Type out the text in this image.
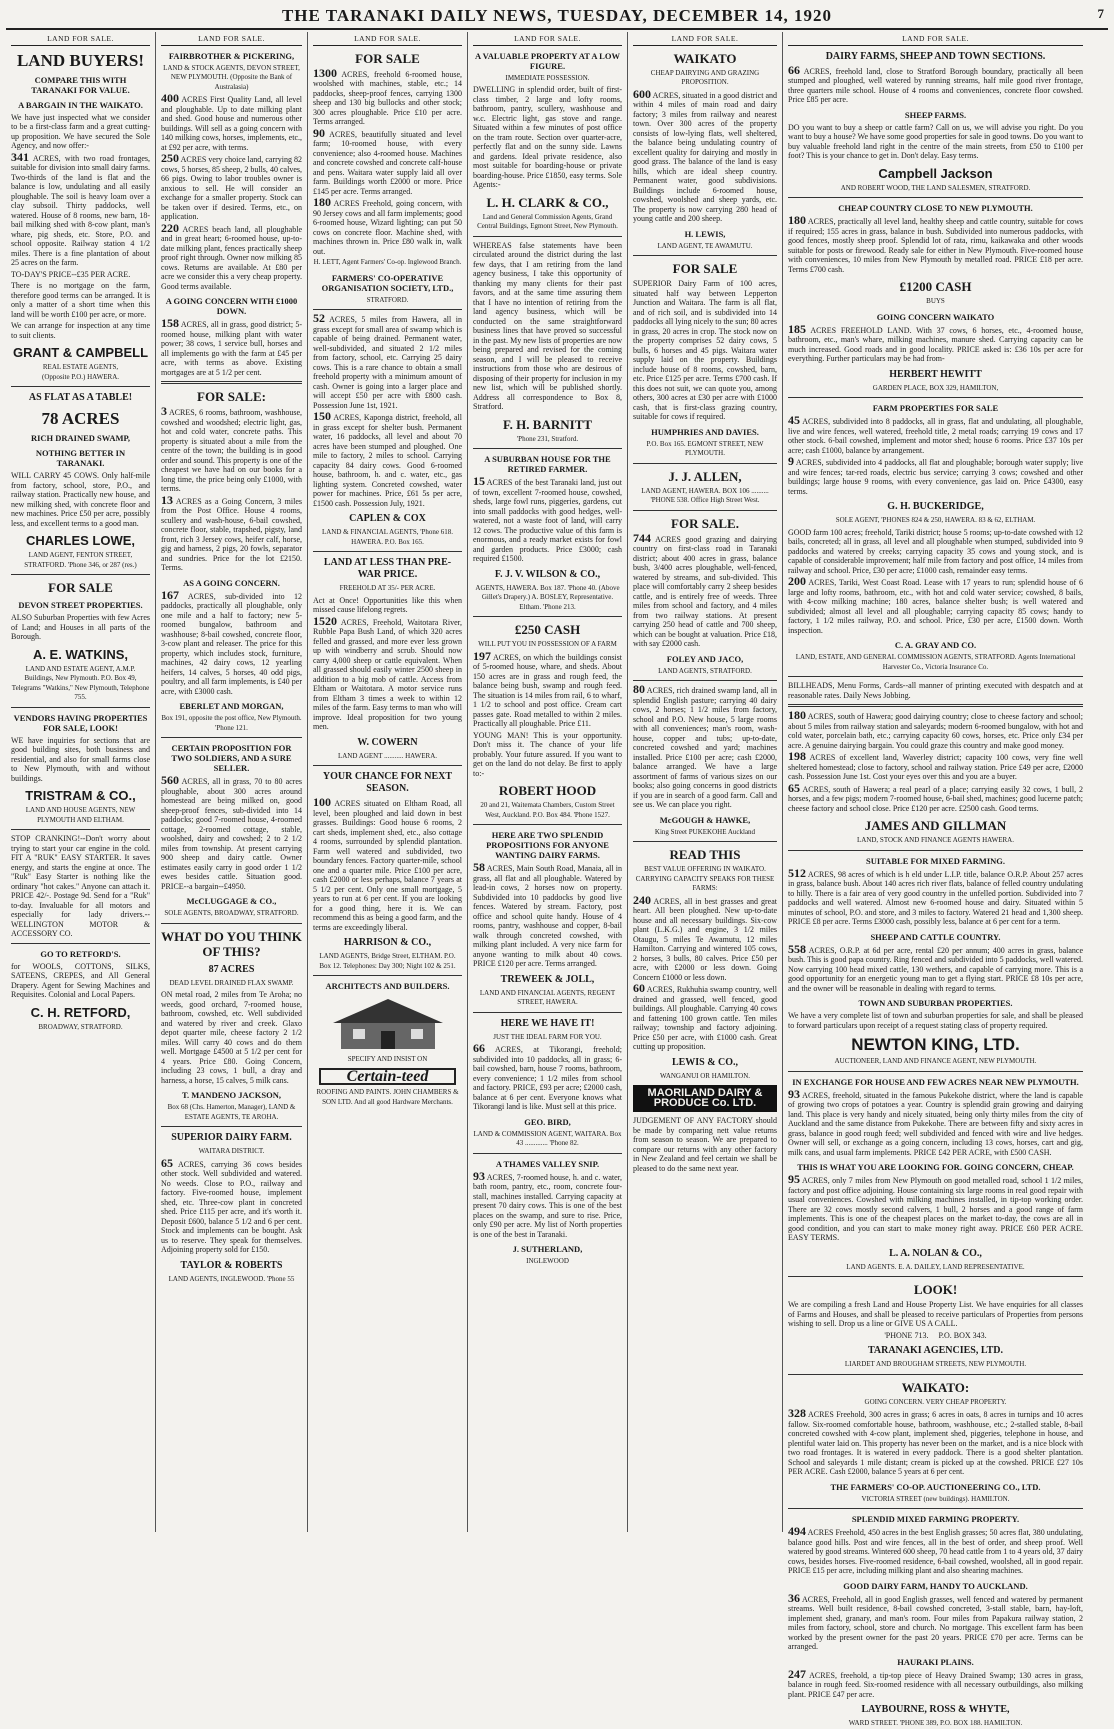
THE TARANAKI DAILY NEWS, TUESDAY, DECEMBER 14, 1920	7
LAND FOR SALE.
LAND BUYERS!
COMPARE THIS WITH TARANAKI FOR VALUE.
A BARGAIN IN THE WAIKATO.
We have just inspected what we consider to be a first-class farm and a great cutting-up proposition. We have secured the Sole Agency, and now offer:-
341 ACRES, with two road frontages, suitable for division into small dairy farms. Two-thirds of the land is flat and the balance is low, undulating and all easily ploughable. The soil is heavy loam over a clay subsoil. Thirty paddocks, well watered. House of 8 rooms, new barn, 18-bail milking shed with 8-cow plant, man's whare, pig sheds, etc. Store, P.O. and school opposite. Railway station 4 1/2 miles. There is a fine plantation of about 25 acres on the farm.
TO-DAY'S PRICE--£35 PER ACRE.
There is no mortgage on the farm, therefore good terms can be arranged. It is only a matter of a short time when this land will be worth £100 per acre, or more.
We can arrange for inspection at any time to suit clients.
GRANT & CAMPBELL
REAL ESTATE AGENTS,
(Opposite P.O.) HAWERA.
AS FLAT AS A TABLE!
78 ACRES
RICH DRAINED SWAMP,
NOTHING BETTER IN TARANAKI.
WILL CARRY 45 COWS. Only half-mile from factory, school, store, P.O., and railway station. Practically new house, and new milking shed, with concrete floor and new machines. Price £50 per acre, possibly less, and excellent terms to a good man.
CHARLES LOWE,
LAND AGENT, FENTON STREET, STRATFORD. 'Phone 346, or 287 (res.)
FOR SALE
DEVON STREET PROPERTIES.
ALSO Suburban Properties with few Acres of Land; and Houses in all parts of the Borough.
A. E. WATKINS,
LAND AND ESTATE AGENT, A.M.P. Buildings, New Plymouth. P.O. Box 49, Telegrams "Watkins," New Plymouth, Telephone 755.
VENDORS HAVING PROPERTIES FOR SALE, LOOK!
WE have inquiries for sections that are good building sites, both business and residential, and also for small farms close to New Plymouth, with and without buildings.
TRISTRAM & CO.,
LAND AND HOUSE AGENTS, NEW PLYMOUTH AND ELTHAM.
STOP CRANKING!--Don't worry about trying to start your car engine in the cold. FIT A "RUK" EASY STARTER. It saves energy, and starts the engine at once. The "Ruk" Easy Starter is nothing like the ordinary "hot cakes." Anyone can attach it. PRICE 42/-. Postage 9d. Send for a "Ruk" to-day. Invaluable for all motors and especially for lady drivers.--WELLINGTON MOTOR & ACCESSORY CO.
GO TO RETFORD'S.
for WOOLS, COTTONS, SILKS, SATEENS, CREPES, and All General Drapery. Agent for Sewing Machines and Requisites. Colonial and Local Papers.
C. H. RETFORD,
BROADWAY, STRATFORD.
LAND FOR SALE.
FAIRBROTHER & PICKERING,
LAND & STOCK AGENTS, DEVON STREET, NEW PLYMOUTH. (Opposite the Bank of Australasia)
400 ACRES First Quality Land, all level and ploughable. Up to date milking plant and shed. Good house and numerous other buildings. Will sell as a going concern with 140 milking cows, horses, implements, etc., at £92 per acre, with terms.
250 ACRES very choice land, carrying 82 cows, 5 horses, 85 sheep, 2 bulls, 40 calves, 66 pigs. Owing to labor troubles owner is anxious to sell. He will consider an exchange for a smaller property. Stock can be taken over if desired. Terms, etc., on application.
220 ACRES beach land, all ploughable and in great heart; 6-roomed house, up-to-date milking plant, fences practically sheep proof right through. Owner now milking 85 cows. Returns are available. At £80 per acre we consider this a very cheap property. Good terms available.
A GOING CONCERN WITH £1000 DOWN.
158 ACRES, all in grass, good district; 5-roomed house, milking plant with water power; 38 cows, 1 service bull, horses and all implements go with the farm at £45 per acre, with terms as above. Existing mortgages are at 5 1/2 per cent.
FOR SALE:
3 ACRES, 6 rooms, bathroom, washhouse, cowshed and woodshed; electric light, gas, hot and cold water, concrete paths. This property is situated about a mile from the centre of the town; the building is in good order and sound. This property is one of the cheapest we have had on our books for a long time, the price being only £1000, with terms.
13 ACRES as a Going Concern, 3 miles from the Post Office. House 4 rooms, scullery and wash-house, 6-bail cowshed, concrete floor, stable, trapshed, pigsty, land front, rich 3 Jersey cows, heifer calf, horse, gig and harness, 2 pigs, 20 fowls, separator and sundries. Price for the lot £2150. Terms.
AS A GOING CONCERN.
167 ACRES, sub-divided into 12 paddocks, practically all ploughable, only one mile and a half to factory; new 5-roomed bungalow, bathroom and washhouse; 8-bail cowshed, concrete floor, 3-cow plant and releaser. The price for this property, which includes stock, furniture, machines, 42 dairy cows, 12 yearling heifers, 14 calves, 5 horses, 40 odd pigs, poultry, and all farm implements, is £40 per acre, with £3000 cash.
EBERLET AND MORGAN,
Box 191, opposite the post office, New Plymouth. 'Phone 121.
CERTAIN PROPOSITION FOR TWO SOLDIERS, AND A SURE SELLER.
560 ACRES, all in grass, 70 to 80 acres ploughable, about 300 acres around homestead are being milked on, good sheep-proof fences, sub-divided into 14 paddocks; good 7-roomed house, 4-roomed cottage, 2-roomed cottage, stable, woolshed, dairy and cowshed; 2 to 2 1/2 miles from township. At present carrying 900 sheep and dairy cattle. Owner estimates easily carry in good order 1 1/2 ewes besides cattle. Situation good. PRICE--a bargain--£4950.
McCLUGGAGE & CO.,
SOLE AGENTS, BROADWAY, STRATFORD.
WHAT DO YOU THINK OF THIS?
87 ACRES
DEAD LEVEL DRAINED FLAX SWAMP.
ON metal road, 2 miles from Te Aroha; no weeds, good orchard, 7-roomed house, bathroom, cowshed, etc. Well subdivided and watered by river and creek. Glaxo depot quarter mile, cheese factory 2 1/2 miles. Will carry 40 cows and do them well. Mortgage £4500 at 5 1/2 per cent for 4 years. Price £80. Going Concern, including 23 cows, 1 bull, a dray and harness, a horse, 15 calves, 5 milk cans.
T. MANDENO JACKSON,
Box 68 (Chs. Hamerton, Manager), LAND & ESTATE AGENTS, TE AROHA.
SUPERIOR DAIRY FARM.
WAITARA DISTRICT.
65 ACRES, carrying 36 cows besides other stock. Well subdivided and watered. No weeds. Close to P.O., railway and factory. Five-roomed house, implement shed, etc. Three-cow plant in concreted shed. Price £115 per acre, and it's worth it. Deposit £600, balance 5 1/2 and 6 per cent. Stock and implements can be bought. Ask us to reserve. They speak for themselves. Adjoining property sold for £150.
TAYLOR & ROBERTS
LAND AGENTS, INGLEWOOD. 'Phone 55
LAND FOR SALE.
FOR SALE
1300 ACRES, freehold 6-roomed house, woolshed with machines, stable, etc.; 14 paddocks, sheep-proof fences, carrying 1300 sheep and 130 big bullocks and other stock; 300 acres ploughable. Price £10 per acre. Terms arranged.
90 ACRES, beautifully situated and level farm; 10-roomed house, with every convenience; also 4-roomed house. Machines and concrete cowshed and concrete calf-house and pens. Waitara water supply laid all over farm. Buildings worth £2000 or more. Price £145 per acre. Terms arranged.
180 ACRES Freehold, going concern, with 90 Jersey cows and all farm implements; good 6-roomed house, Wizard lighting; can put 50 cows on concrete floor. Machine shed, with machines thrown in. Price £80 walk in, walk out.
H. LETT, Agent Farmers' Co-op. Inglewood Branch.
FARMERS' CO-OPERATIVE ORGANISATION SOCIETY, LTD.,
STRATFORD.
52 ACRES, 5 miles from Hawera, all in grass except for small area of swamp which is capable of being drained. Permanent water, well-subdivided, and situated 2 1/2 miles from factory, school, etc. Carrying 25 dairy cows. This is a rare chance to obtain a small freehold property with a minimum amount of cash. Owner is going into a larger place and will accept £50 per acre with £800 cash. Possession June 1st, 1921.
150 ACRES, Kaponga district, freehold, all in grass except for shelter bush. Permanent water, 16 paddocks, all level and about 70 acres have been stumped and ploughed. One mile to factory, 2 miles to school. Carrying capacity 84 dairy cows. Good 6-roomed house, bathroom, h. and c. water, etc., gas lighting system. Concreted cowshed, water power for machines. Price, £61 5s per acre, £1500 cash. Possession July, 1921.
CAPLEN & COX
LAND & FINANCIAL AGENTS, 'Phone 618. HAWERA. P.O. Box 165.
LAND AT LESS THAN PRE-WAR PRICE.
FREEHOLD AT 35/- PER ACRE.
Act at Once! Opportunities like this when missed cause lifelong regrets.
1520 ACRES, Freehold, Waitotara River, Rubble Papa Bush Land, of which 320 acres felled and grassed, and more ever less grown up with windberry and scrub. Should now carry 4,000 sheep or cattle equivalent. When all grassed should easily winter 2500 sheep in addition to a big mob of cattle. Access from Eltham or Waitotara. A motor service runs from Eltham 3 times a week to within 12 miles of the farm. Easy terms to man who will improve. Ideal proposition for two young men.
W. COWERN
LAND AGENT ........... HAWERA.
YOUR CHANCE FOR NEXT SEASON.
100 ACRES situated on Eltham Road, all level, been ploughed and laid down in best grasses. Buildings: Good house 6 rooms, 2 cart sheds, implement shed, etc., also cottage 4 rooms, surrounded by splendid plantation. Farm well watered and subdivided, two boundary fences. Factory quarter-mile, school one and a quarter mile. Price £100 per acre, cash £2000 or less perhaps, balance 7 years at 5 1/2 per cent. Only one small mortgage, 5 years to run at 6 per cent. If you are looking for a good thing, here it is. We can recommend this as being a good farm, and the terms are exceedingly liberal.
HARRISON & CO.,
LAND AGENTS, Bridge Street, ELTHAM. P.O. Box 12. Telephones: Day 300; Night 102 & 251.
ARCHITECTS AND BUILDERS.
SPECIFY AND INSIST ON
Certain-teed
ROOFING AND PAINTS. JOHN CHAMBERS & SON LTD. And all good Hardware Merchants.
LAND FOR SALE.
A VALUABLE PROPERTY AT A LOW FIGURE.
IMMEDIATE POSSESSION.
DWELLING in splendid order, built of first-class timber, 2 large and lofty rooms, bathroom, pantry, scullery, washhouse and w.c. Electric light, gas stove and range. Situated within a few minutes of post office on the tram route. Section over quarter-acre, perfectly flat and on the sunny side. Lawns and gardens. Ideal private residence, also most suitable for boarding-house or private boarding-house. Price £1850, easy terms. Sole Agents:-
L. H. CLARK & CO.,
Land and General Commission Agents, Grand Central Buildings, Egmont Street, New Plymouth.
WHEREAS false statements have been circulated around the district during the last few days, that I am retiring from the land agency business, I take this opportunity of thanking my many clients for their past favors, and at the same time assuring them that I have no intention of retiring from the land agency business, which will be conducted on the same straightforward business lines that have proved so successful in the past. My new lists of properties are now being prepared and revised for the coming season, and I will be pleased to receive instructions from those who are desirous of disposing of their property for inclusion in my new list, which will be published shortly. Address all correspondence to Box 8, Stratford.
F. H. BARNITT
'Phone 231, Stratford.
A SUBURBAN HOUSE FOR THE RETIRED FARMER.
15 ACRES of the best Taranaki land, just out of town, excellent 7-roomed house, cowshed, sheds, large fowl runs, piggeries, gardens, cut into small paddocks with good hedges, well-watered, not a waste foot of land, will carry 12 cows. The productive value of this farm is enormous, and a ready market exists for fowl and garden products. Price £3000; cash required £1500.
F. J. V. WILSON & CO.,
AGENTS, HAWERA. Box 187. 'Phone 40. (Above Gillet's Drapery.) A. BOSLEY, Representative. Eltham. 'Phone 213.
£250 CASH
WILL PUT YOU IN POSSESSION OF A FARM
197 ACRES, on which the buildings consist of 5-roomed house, whare, and sheds. About 150 acres are in grass and rough feed, the balance being bush, swamp and rough feed. The situation is 14 miles from rail, 6 to wharf, 1 1/2 to school and post office. Cream cart passes gate. Road metalled to within 2 miles. Practically all ploughable. Price £11.
YOUNG MAN! This is your opportunity. Don't miss it. The chance of your life probably. Your future assured. If you want to get on the land do not delay. Be first to apply to:-
ROBERT HOOD
20 and 21, Waitemata Chambers, Custom Street West, Auckland. P.O. Box 484. 'Phone 1527.
HERE ARE TWO SPLENDID PROPOSITIONS FOR ANYONE WANTING DAIRY FARMS.
58 ACRES, Main South Road, Manaia, all in grass, all flat and all ploughable. Watered by lead-in cows, 2 horses now on property. Subdivided into 10 paddocks by good live fences. Watered by stream. Factory, post office and school quite handy. House of 4 rooms, pantry, washhouse and copper, 8-bail walk through concreted cowshed, with milking plant included. A very nice farm for anyone wanting to milk about 40 cows. PRICE £120 per acre. Terms arranged.
TREWEEK & JOLL,
LAND AND FINANCIAL AGENTS, REGENT STREET, HAWERA.
HERE WE HAVE IT!
JUST THE IDEAL FARM FOR YOU.
66 ACRES, at Tikorangi, freehold; subdivided into 10 paddocks, all in grass; 6-bail cowshed, barn, house 7 rooms, bathroom, every convenience; 1 1/2 miles from school and factory. PRICE, £93 per acre; £2000 cash, balance at 6 per cent. Everyone knows what Tikorangi land is like. Must sell at this price.
GEO. BIRD,
LAND & COMMISSION AGENT, WAITARA. Box 43 ............. 'Phone 82.
A THAMES VALLEY SNIP.
93 ACRES, 7-roomed house, h. and c. water, bath room, pantry, etc., room, concrete four-stall, machines installed. Carrying capacity at present 70 dairy cows. This is one of the best places on the swamp, and sure to rise. Price, only £90 per acre. My list of North properties is one of the best in Taranaki.
J. SUTHERLAND,
INGLEWOOD
LAND FOR SALE.
WAIKATO
CHEAP DAIRYING AND GRAZING PROPOSITION.
600 ACRES, situated in a good district and within 4 miles of main road and dairy factory; 3 miles from railway and nearest town. Over 300 acres of the property consists of low-lying flats, well sheltered, the balance being undulating country of excellent quality for dairying and mostly in good grass. The balance of the land is easy hills, which are ideal sheep country. Permanent water, good subdivisions. Buildings include 6-roomed house, cowshed, woolshed and sheep yards, etc. The property is now carrying 280 head of young cattle and 200 sheep.
H. LEWIS,
LAND AGENT, TE AWAMUTU.
FOR SALE
SUPERIOR Dairy Farm of 100 acres, situated half way between Lepperton Junction and Waitara. The farm is all flat, and of rich soil, and is subdivided into 14 paddocks all lying nicely to the sun; 80 acres in grass, 20 acres in crop. The stock now on the property comprises 52 dairy cows, 5 bulls, 6 horses and 45 pigs. Waitara water supply laid on the property. Buildings include house of 8 rooms, cowshed, barn, etc. Price £125 per acre. Terms £700 cash. If this does not suit, we can quote you, among others, 300 acres at £30 per acre with £1000 cash, that is first-class grazing country, suitable for cows if required.
HUMPHRIES AND DAVIES.
P.O. Box 165. EGMONT STREET, NEW PLYMOUTH.
J. J. ALLEN,
LAND AGENT, HAWERA. BOX 106 .......... 'PHONE 538. Office High Street West.
FOR SALE.
744 ACRES good grazing and dairying country on first-class road in Taranaki district; about 400 acres in grass, balance bush, 3/400 acres ploughable, well-fenced, watered by streams, and sub-divided. This place will comfortably carry 2 sheep besides cattle, and is entirely free of weeds. Three miles from school and factory, and 4 miles from two railway stations. At present carrying 250 head of cattle and 700 sheep, which can be bought at valuation. Price £18, with say £2000 cash.
FOLEY AND JACO,
LAND AGENTS, STRATFORD.
80 ACRES, rich drained swamp land, all in splendid English pasture; carrying 40 dairy cows, 2 horses; 1 1/2 miles from factory, school and P.O. New house, 5 large rooms with all conveniences; man's room, wash-house, copper and tubs; up-to-date, concreted cowshed and yard; machines installed. Price £100 per acre; cash £2000, balance arranged. We have a large assortment of farms of various sizes on our books; also going concerns in good districts if you are in search of a good farm. Call and see us. We can place you right.
McGOUGH & HAWKE,
King Street PUKEKOHE Auckland
READ THIS
BEST VALUE OFFERING IN WAIKATO. CARRYING CAPACITY SPEAKS FOR THESE FARMS:
240 ACRES, all in best grasses and great heart. All been ploughed. New up-to-date house and all necessary buildings. Six-cow plant (L.K.G.) and engine, 3 1/2 miles Otaugu, 5 miles Te Awamutu, 12 miles Hamilton. Carrying and wintered 105 cows, 2 horses, 3 bulls, 80 calves. Price £50 per acre, with £2000 or less down. Going Concern £1000 or less down.
60 ACRES, Rukhuhia swamp country, well drained and grassed, well fenced, good buildings. All ploughable. Carrying 40 cows and fattening 100 grown cattle. Ten miles railway; township and factory adjoining. Price £50 per acre, with £1000 cash. Great cutting up proposition.
LEWIS & CO.,
WANGANUI OR HAMILTON.
MAORILAND DAIRY & PRODUCE Co. LTD.
JUDGEMENT OF ANY FACTORY should be made by comparing nett value returns from season to season. We are prepared to compare our returns with any other factory in New Zealand and feel certain we shall be pleased to do the same next year.
LAND FOR SALE.
DAIRY FARMS, SHEEP AND TOWN SECTIONS.
66 ACRES, freehold land, close to Stratford Borough boundary, practically all been stumped and ploughed, well watered by running streams, half mile good river frontage, three quarters mile school. House of 4 rooms and conveniences, concrete floor cowshed. Price £85 per acre.
SHEEP FARMS.
DO you want to buy a sheep or cattle farm? Call on us, we will advise you right. Do you want to buy a house? We have some good properties for sale in good towns. Do you want to buy valuable freehold land right in the centre of the main streets, from £50 to £100 per foot? This is your chance to get in. Don't delay. Easy terms.
Campbell Jackson
AND ROBERT WOOD, THE LAND SALESMEN, STRATFORD.
CHEAP COUNTRY CLOSE TO NEW PLYMOUTH.
180 ACRES, practically all level land, healthy sheep and cattle country, suitable for cows if required; 155 acres in grass, balance in bush. Subdivided into numerous paddocks, with good fences, mostly sheep proof. Splendid lot of rata, rimu, kaikawaka and other woods suitable for posts or firewood. Ready sale for either in New Plymouth. Five-roomed house with conveniences, 10 miles from New Plymouth by metalled road. PRICE £18 per acre. Terms £700 cash.
£1200 CASH
BUYS
GOING CONCERN WAIKATO
185 ACRES FREEHOLD LAND. With 37 cows, 6 horses, etc., 4-roomed house, bathroom, etc., man's whare, milking machines, manure shed. Carrying capacity can be much increased. Good roads and in good locality. PRICE asked is: £36 10s per acre for everything. Further particulars may be had from-
HERBERT HEWITT
GARDEN PLACE, BOX 329, HAMILTON,
FARM PROPERTIES FOR SALE
45 ACRES, subdivided into 8 paddocks, all in grass, flat and undulating, all ploughable, live and wire fences, well watered, freehold title, 2 metal roads; carrying 19 cows and 17 other stock. 6-bail cowshed, implement and motor shed; house 6 rooms. Price £37 10s per acre; cash £1000, balance by arrangement.
9 ACRES, subdivided into 4 paddocks, all flat and ploughable; borough water supply; live and wire fences; tar-red roads, electric bus service; carrying 3 cows; cowshed and other buildings; large house 9 rooms, with every convenience, gas laid on. Price £4300, easy terms.
G. H. BUCKERIDGE,
SOLE AGENT, 'PHONES 824 & 250, HAWERA. 83 & 62, ELTHAM.
GOOD farm 100 acres; freehold, Tariki district; house 5 rooms; up-to-date cowshed with 12 bails, concreted; all in grass, all level and all ploughable when stumped, subdivided into 9 paddocks and watered by creeks; carrying capacity 35 cows and young stock, and is capable of considerable improvement; half mile from factory and post office, 14 miles from railway and school. Price, £30 per acre; £1000 cash, remainder easy terms.
200 ACRES, Tariki, West Coast Road. Lease with 17 years to run; splendid house of 6 large and lofty rooms, bathroom, etc., with hot and cold water service; cowshed, 8 bails, with 4-cow milking machine; 180 acres, balance shelter bush; is well watered and subdivided; almost all level and all ploughable; carrying capacity 85 cows; handy to factory, 1 1/2 miles railway, P.O. and school. Price, £30 per acre, £1500 down. Worth inspection.
C. A. GRAY AND CO.
LAND, ESTATE, AND GENERAL COMMISSION AGENTS, STRATFORD. Agents International Harvester Co., Victoria Insurance Co.
BILLHEADS, Menu Forms, Cards--all manner of printing executed with despatch and at reasonable rates. Daily News Jobbing.
180 ACRES, south of Hawera; good dairying country; close to cheese factory and school; about 5 miles from railway station and saleyards; modern 6-roomed bungalow, with hot and cold water, porcelain bath, etc.; carrying capacity 60 cows, horses, etc. Price only £34 per acre. A genuine dairying bargain. You could graze this country and make good money.
198 ACRES of excellent land, Waverley district; capacity 100 cows, very fine well sheltered homestead; close to factory, school and railway station. Price £49 per acre, £2000 cash. Possession June 1st. Cost your eyes over this and you are a buyer.
65 ACRES, south of Hawera; a real pearl of a place; carrying easily 32 cows, 1 bull, 2 horses, and a few pigs; modern 7-roomed house, 6-bail shed, machines; good lucerne patch; cheese factory and school close. Price £120 per acre. £2500 cash. Good terms.
JAMES AND GILLMAN
LAND, STOCK AND FINANCE AGENTS HAWERA.
SUITABLE FOR MIXED FARMING.
512 ACRES, 98 acres of which is h eld under L.I.P. title, balance O.R.P. About 257 acres in grass, balance bush. About 140 acres rich river flats, balance of felled country undulating to hilly. There is a fair area of very good country in the unfelled portion. Subdivided into 7 paddocks and well watered. Almost new 6-roomed house and dairy. Situated within 5 minutes of school, P.O. and store, and 3 miles to factory. Watered 21 head and 1,300 sheep. PRICE £8 per acre. Terms £3000 cash, possibly less, balance at 6 per cent for a term.
SHEEP AND CATTLE COUNTRY.
558 ACRES, O.R.P. at 6d per acre, rental £20 per annum; 400 acres in grass, balance bush. This is good papa country. Ring fenced and subdivided into 5 paddocks, well watered. Now carrying 100 head mixed cattle, 130 wethers, and capable of carrying more. This is a good opportunity for an energetic young man to get a flying start. PRICE £8 10s per acre, and the owner will be reasonable in dealing with regard to terms.
TOWN AND SUBURBAN PROPERTIES.
We have a very complete list of town and suburban properties for sale, and shall be pleased to forward particulars upon receipt of a request stating class of property required.
NEWTON KING, LTD.
AUCTIONEER, LAND AND FINANCE AGENT, NEW PLYMOUTH.
IN EXCHANGE FOR HOUSE AND FEW ACRES NEAR NEW PLYMOUTH.
93 ACRES, freehold, situated in the famous Pukekohe district, where the land is capable of growing two crops of potatoes a year. Country is splendid grain growing and dairying land. This place is very handy and nicely situated, being only thirty miles from the city of Auckland and the same distance from Pukekohe. There are between fifty and sixty acres in grass, balance in good rough feed; well subdivided and fenced with wire and live hedges. Owner will sell, or exchange as a going concern, including 13 cows, horses, cart and gig, milk cans, and usual farm implements. PRICE £42 PER ACRE, with £500 CASH.
THIS IS WHAT YOU ARE LOOKING FOR. GOING CONCERN, CHEAP.
95 ACRES, only 7 miles from New Plymouth on good metalled road, school 1 1/2 miles, factory and post office adjoining. House containing six large rooms in real good repair with usual conveniences. Cowshed with milking machines installed, in tip-top working order. There are 32 cows mostly second calvers, 1 bull, 2 horses and a good range of farm implements. This is one of the cheapest places on the market to-day, the cows are all in good condition, and you can start to make money right away. PRICE £60 PER ACRE. EASY TERMS.
L. A. NOLAN & CO.,
LAND AGENTS. E. A. DAILEY, LAND REPRESENTATIVE.
LOOK!
We are compiling a fresh Land and House Property List. We have enquiries for all classes of Farms and Houses, and shall be pleased to receive particulars of Properties from persons wishing to sell. Drop us a line or GIVE US A CALL.
'PHONE 713. P.O. BOX 343.
TARANAKI AGENCIES, LTD.
LIARDET AND BROUGHAM STREETS, NEW PLYMOUTH.
WAIKATO:
GOING CONCERN. VERY CHEAP PROPERTY.
328 ACRES Freehold, 300 acres in grass; 6 acres in oats, 8 acres in turnips and 10 acres fallow. Six-roomed comfortable house, bathroom, washhouse, etc.; 2-stalled stable, 8-bail concreted cowshed with 4-cow plant, implement shed, piggeries, telephone in house, and plentiful water laid on. This property has never been on the market, and is a nice block with two road frontages. It is watered in every paddock. There is a good shelter plantation. School and saleyards 1 mile distant; cream is picked up at the cowshed. PRICE £27 10s PER ACRE. Cash £2000, balance 5 years at 6 per cent.
THE FARMERS' CO-OP. AUCTIONEERING CO., LTD.
VICTORIA STREET (new buildings). HAMILTON.
SPLENDID MIXED FARMING PROPERTY.
494 ACRES Freehold, 450 acres in the best English grasses; 50 acres flat, 380 undulating, balance good hills. Post and wire fences, all in the best of order, and sheep proof. Well watered by good streams. Wintered 600 sheep, 70 head cattle from 1 to 4 years old, 37 dairy cows, besides horses. Five-roomed residence, 6-bail cowshed, woolshed, all in good repair. PRICE £15 per acre, including milking plant and also shearing machines.
GOOD DAIRY FARM, HANDY TO AUCKLAND.
36 ACRES, Freehold, all in good English grasses, well fenced and watered by permanent streams. Well built residence, 8-bail cowshed concreted, 3-stall stable, barn, hay-loft, implement shed, granary, and man's room. Four miles from Papakura railway station, 2 miles from factory, school, store and church. No mortgage. This excellent farm has been worked by the present owner for the past 20 years. PRICE £70 per acre. Terms can be arranged.
HAURAKI PLAINS.
247 ACRES, freehold, a tip-top piece of Heavy Drained Swamp; 130 acres in grass, balance in rough feed. Six-roomed residence with all necessary outbuildings, also milking plant. PRICE £47 per acre.
LAYBOURNE, ROSS & WHYTE,
WARD STREET. 'PHONE 389, P.O. BOX 188. HAMILTON.
